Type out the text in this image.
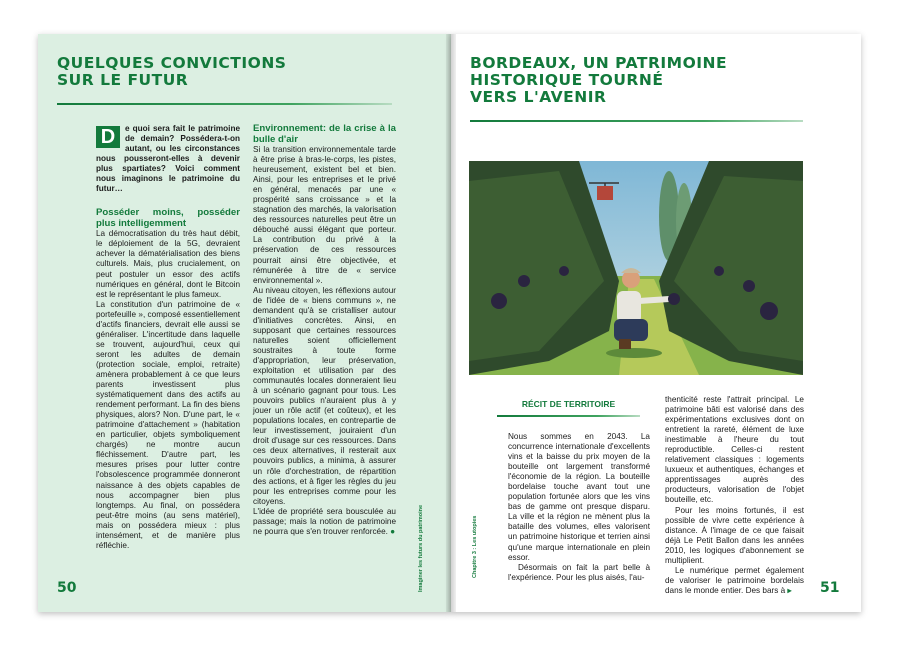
QUELQUES CONVICTIONS
SUR LE FUTUR

D	e quoi sera fait le patrimoine de demain? Possédera-t-on autant, ou les circonstances nous pousseront-elles à devenir plus spartiates? Voici comment nous imaginons le patrimoine du futur…

Posséder moins, posséder plus intelligemment

La démocratisation du très haut débit, le déploiement de la 5G, devraient achever la dématérialisation des biens culturels. Mais, plus crucialement, on peut postuler un essor des actifs numériques en général, dont le Bitcoin est le représentant le plus fameux.

La constitution d'un patrimoine de « portefeuille », composé essentiellement d'actifs financiers, devrait elle aussi se généraliser. L'incertitude dans laquelle se trouvent, aujourd'hui, ceux qui seront les adultes de demain (protection sociale, emploi, retraite) amènera probablement à ce que leurs parents investissent plus systématiquement dans des actifs au rendement performant. La fin des biens physiques, alors? Non. D'une part, le « patrimoine d'attachement » (habitation en particulier, objets symboliquement chargés) ne montre aucun fléchissement. D'autre part, les mesures prises pour lutter contre l'obsolescence programmée donneront naissance à des objets capables de nous accompagner bien plus longtemps. Au final, on possédera peut-être moins (au sens matériel), mais on possédera mieux : plus intensément, et de manière plus réfléchie.

Environnement: de la crise à la bulle d'air

Si la transition environnementale tarde à être prise à bras-le-corps, les pistes, heureusement, existent bel et bien. Ainsi, pour les entreprises et le privé en général, menacés par une « prospérité sans croissance » et la stagnation des marchés, la valorisation des ressources naturelles peut être un débouché aussi élégant que porteur. La contribution du privé à la préservation de ces ressources pourrait ainsi être objectivée, et rémunérée à titre de « service environnemental ».

Au niveau citoyen, les réflexions autour de l'idée de « biens communs », ne demandent qu'à se cristalliser autour d'initiatives concrètes. Ainsi, en supposant que certaines ressources naturelles soient officiellement soustraites à toute forme d'appropriation, leur préservation, exploitation et utilisation par des communautés locales donneraient lieu à un scénario gagnant pour tous. Les pouvoirs publics n'auraient plus à y jouer un rôle actif (et coûteux), et les populations locales, en contrepartie de leur investissement, jouiraient d'un droit d'usage sur ces ressources. Dans ces deux alternatives, il resterait aux pouvoirs publics, a minima, à assurer un rôle d'orchestration, de répartition des actions, et à figer les règles du jeu pour les entreprises comme pour les citoyens.

L'idée de propriété sera bousculée au passage; mais la notion de patrimoine ne pourra que s'en trouver renforcée. ●

50	Imaginer les futurs du patrimoine
BORDEAUX, UN PATRIMOINE
HISTORIQUE TOURNÉ
VERS L'AVENIR
RÉCIT DE TERRITOIRE

Nous sommes en 2043. La concurrence internationale d'excellents vins et la baisse du prix moyen de la bouteille ont largement transformé l'économie de la région. La bouteille bordelaise touche avant tout une population fortunée alors que les vins bas de gamme ont presque disparu. La ville et la région ne mènent plus la bataille des volumes, elles valorisent un patrimoine historique et terrien ainsi qu'une marque internationale en plein essor.

Désormais on fait la part belle à l'expérience. Pour les plus aisés, l'au-

thenticité reste l'attrait principal. Le patrimoine bâti est valorisé dans des expérimentations exclusives dont on entretient la rareté, élément de luxe inestimable à l'heure du tout reproductible. Celles-ci restent relativement classiques : logements luxueux et authentiques, échanges et apprentissages auprès des producteurs, valorisation de l'objet bouteille, etc.

Pour les moins fortunés, il est possible de vivre cette expérience à distance. À l'image de ce que faisait déjà Le Petit Ballon dans les années 2010, les logiques d'abonnement se multiplient.

Le numérique permet également de valoriser le patrimoine bordelais dans le monde entier. Des bars à ▸	51
Chapitre 3 : Les utopies
